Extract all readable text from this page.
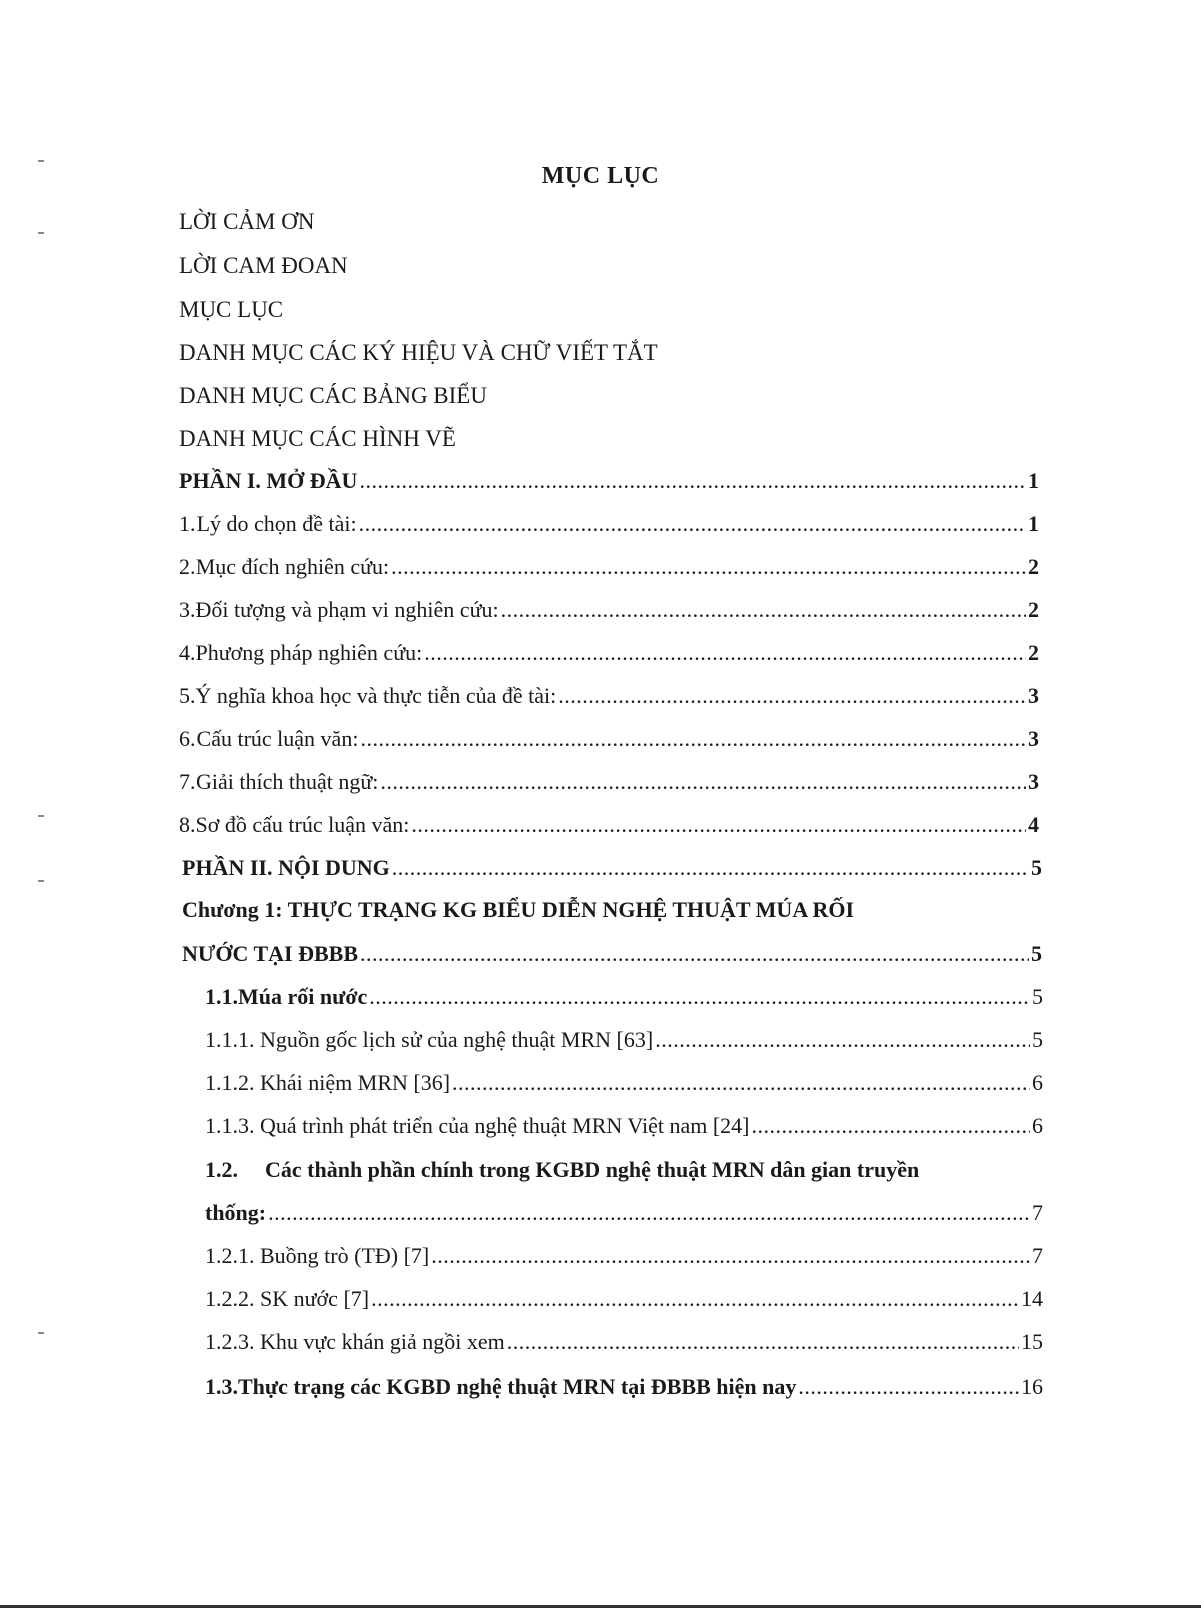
MỤC LỤC
LỜI CẢM ƠN
LỜI CAM ĐOAN
MỤC LỤC
DANH MỤC CÁC KÝ HIỆU VÀ CHỮ VIẾT TẮT
DANH MỤC CÁC BẢNG BIỂU
DANH MỤC CÁC HÌNH VẼ
PHẦN I. MỞ ĐẦU .....	1
1. Lý do chọn đề tài: .....	1
2. Mục đích nghiên cứu: .....	2
3. Đối tượng và phạm vi nghiên cứu: .....	2
4. Phương pháp nghiên cứu: .....	2
5. Ý nghĩa khoa học và thực tiễn của đề tài: .....	3
6. Cấu trúc luận văn: .....	3
7. Giải thích thuật ngữ: .....	3
8. Sơ đồ cấu trúc luận văn: .....	4
PHẦN II. NỘI DUNG .....	5
Chương 1: THỰC TRẠNG KG BIỂU DIỄN NGHỆ THUẬT MÚA RỐI
NƯỚC TẠI ĐBBB .....	5
1.1. Múa rối nước .....	5
1.1.1. Nguồn gốc lịch sử của nghệ thuật MRN [63] .....	5
1.1.2. Khái niệm MRN [36] .....	6
1.1.3. Quá trình phát triển của nghệ thuật MRN Việt nam [24] .....	6
1.2. Các thành phần chính trong KGBD nghệ thuật MRN dân gian truyền
thống: .....	7
1.2.1. Buồng trò (TĐ) [7] .....	7
1.2.2. SK nước [7] .....	14
1.2.3. Khu vực khán giả ngồi xem .....	15
1.3. Thực trạng các KGBD nghệ thuật MRN tại ĐBBB hiện nay .....	16
